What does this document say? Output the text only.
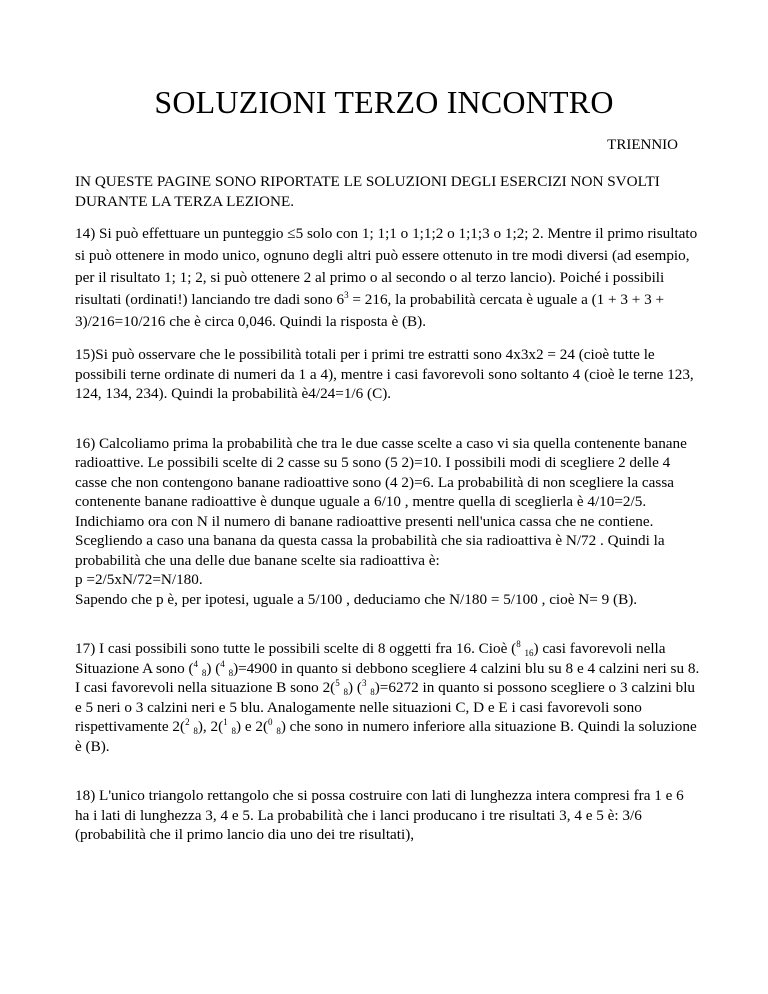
SOLUZIONI TERZO INCONTRO
TRIENNIO

IN QUESTE PAGINE SONO RIPORTATE LE SOLUZIONI DEGLI ESERCIZI NON SVOLTI DURANTE LA TERZA LEZIONE.

14) Si può effettuare un punteggio ≤5 solo con 1; 1;1 o 1;1;2 o 1;1;3 o 1;2; 2. Mentre il primo risultato si può ottenere in modo unico, ognuno degli altri può essere ottenuto in tre modi diversi (ad esempio, per il risultato 1; 1; 2, si può ottenere 2 al primo o al secondo o al terzo lancio). Poiché i possibili risultati (ordinati!) lanciando tre dadi sono $6^3 = 216$, la probabilità cercata è uguale a (1 + 3 + 3 + 3)/216=10/216 che è circa 0,046. Quindi la risposta è (B).

15)Si può osservare che le possibilità totali per i primi tre estratti sono 4x3x2 = 24 (cioè tutte le possibili terne ordinate di numeri da 1 a 4), mentre i casi favorevoli sono soltanto 4 (cioè le terne 123, 124, 134, 234). Quindi la probabilità è4/24=1/6 (C).

16) Calcoliamo prima la probabilità che tra le due casse scelte a caso vi sia quella contenente banane radioattive. Le possibili scelte di 2 casse su 5 sono (5 2)=10. I possibili modi di scegliere 2 delle 4 casse che non contengono banane radioattive sono (4 2)=6. La probabilità di non scegliere la cassa contenente banane radioattive è dunque uguale a 6/10 , mentre quella di sceglierla è 4/10=2/5. Indichiamo ora con N il numero di banane radioattive presenti nell'unica cassa che ne contiene. Scegliendo a caso una banana da questa cassa la probabilità che sia radioattiva è N/72 . Quindi la probabilità che una delle due banane scelte sia radioattiva è:
p =2/5xN/72=N/180.
Sapendo che p è, per ipotesi, uguale a 5/100 , deduciamo che N/180 = 5/100 , cioè N= 9 (B).

17) I casi possibili sono tutte le possibili scelte di 8 oggetti fra 16. Cioè ($^8$ $_{16}$) casi favorevoli nella
Situazione A sono ($^4$ $_8$) ($^4$ $_8$)=4900 in quanto si debbono scegliere 4 calzini blu su 8 e 4 calzini neri su 8. I casi favorevoli nella situazione B sono 2($^5$ $_8$) ($^3$ $_8$)=6272 in quanto si possono scegliere o 3 calzini blu e 5 neri o 3 calzini neri e 5 blu. Analogamente nelle situazioni C, D e E i casi favorevoli sono rispettivamente 2($^2$ $_8$), 2($^1$ $_8$) e 2($^0$ $_8$) che sono in numero inferiore alla situazione B. Quindi la soluzione è (B).

18) L'unico triangolo rettangolo che si possa costruire con lati di lunghezza intera compresi fra 1 e 6 ha i lati di lunghezza 3, 4 e 5. La probabilità che i lanci producano i tre risultati 3, 4 e 5 è: 3/6 (probabilità che il primo lancio dia uno dei tre risultati),
